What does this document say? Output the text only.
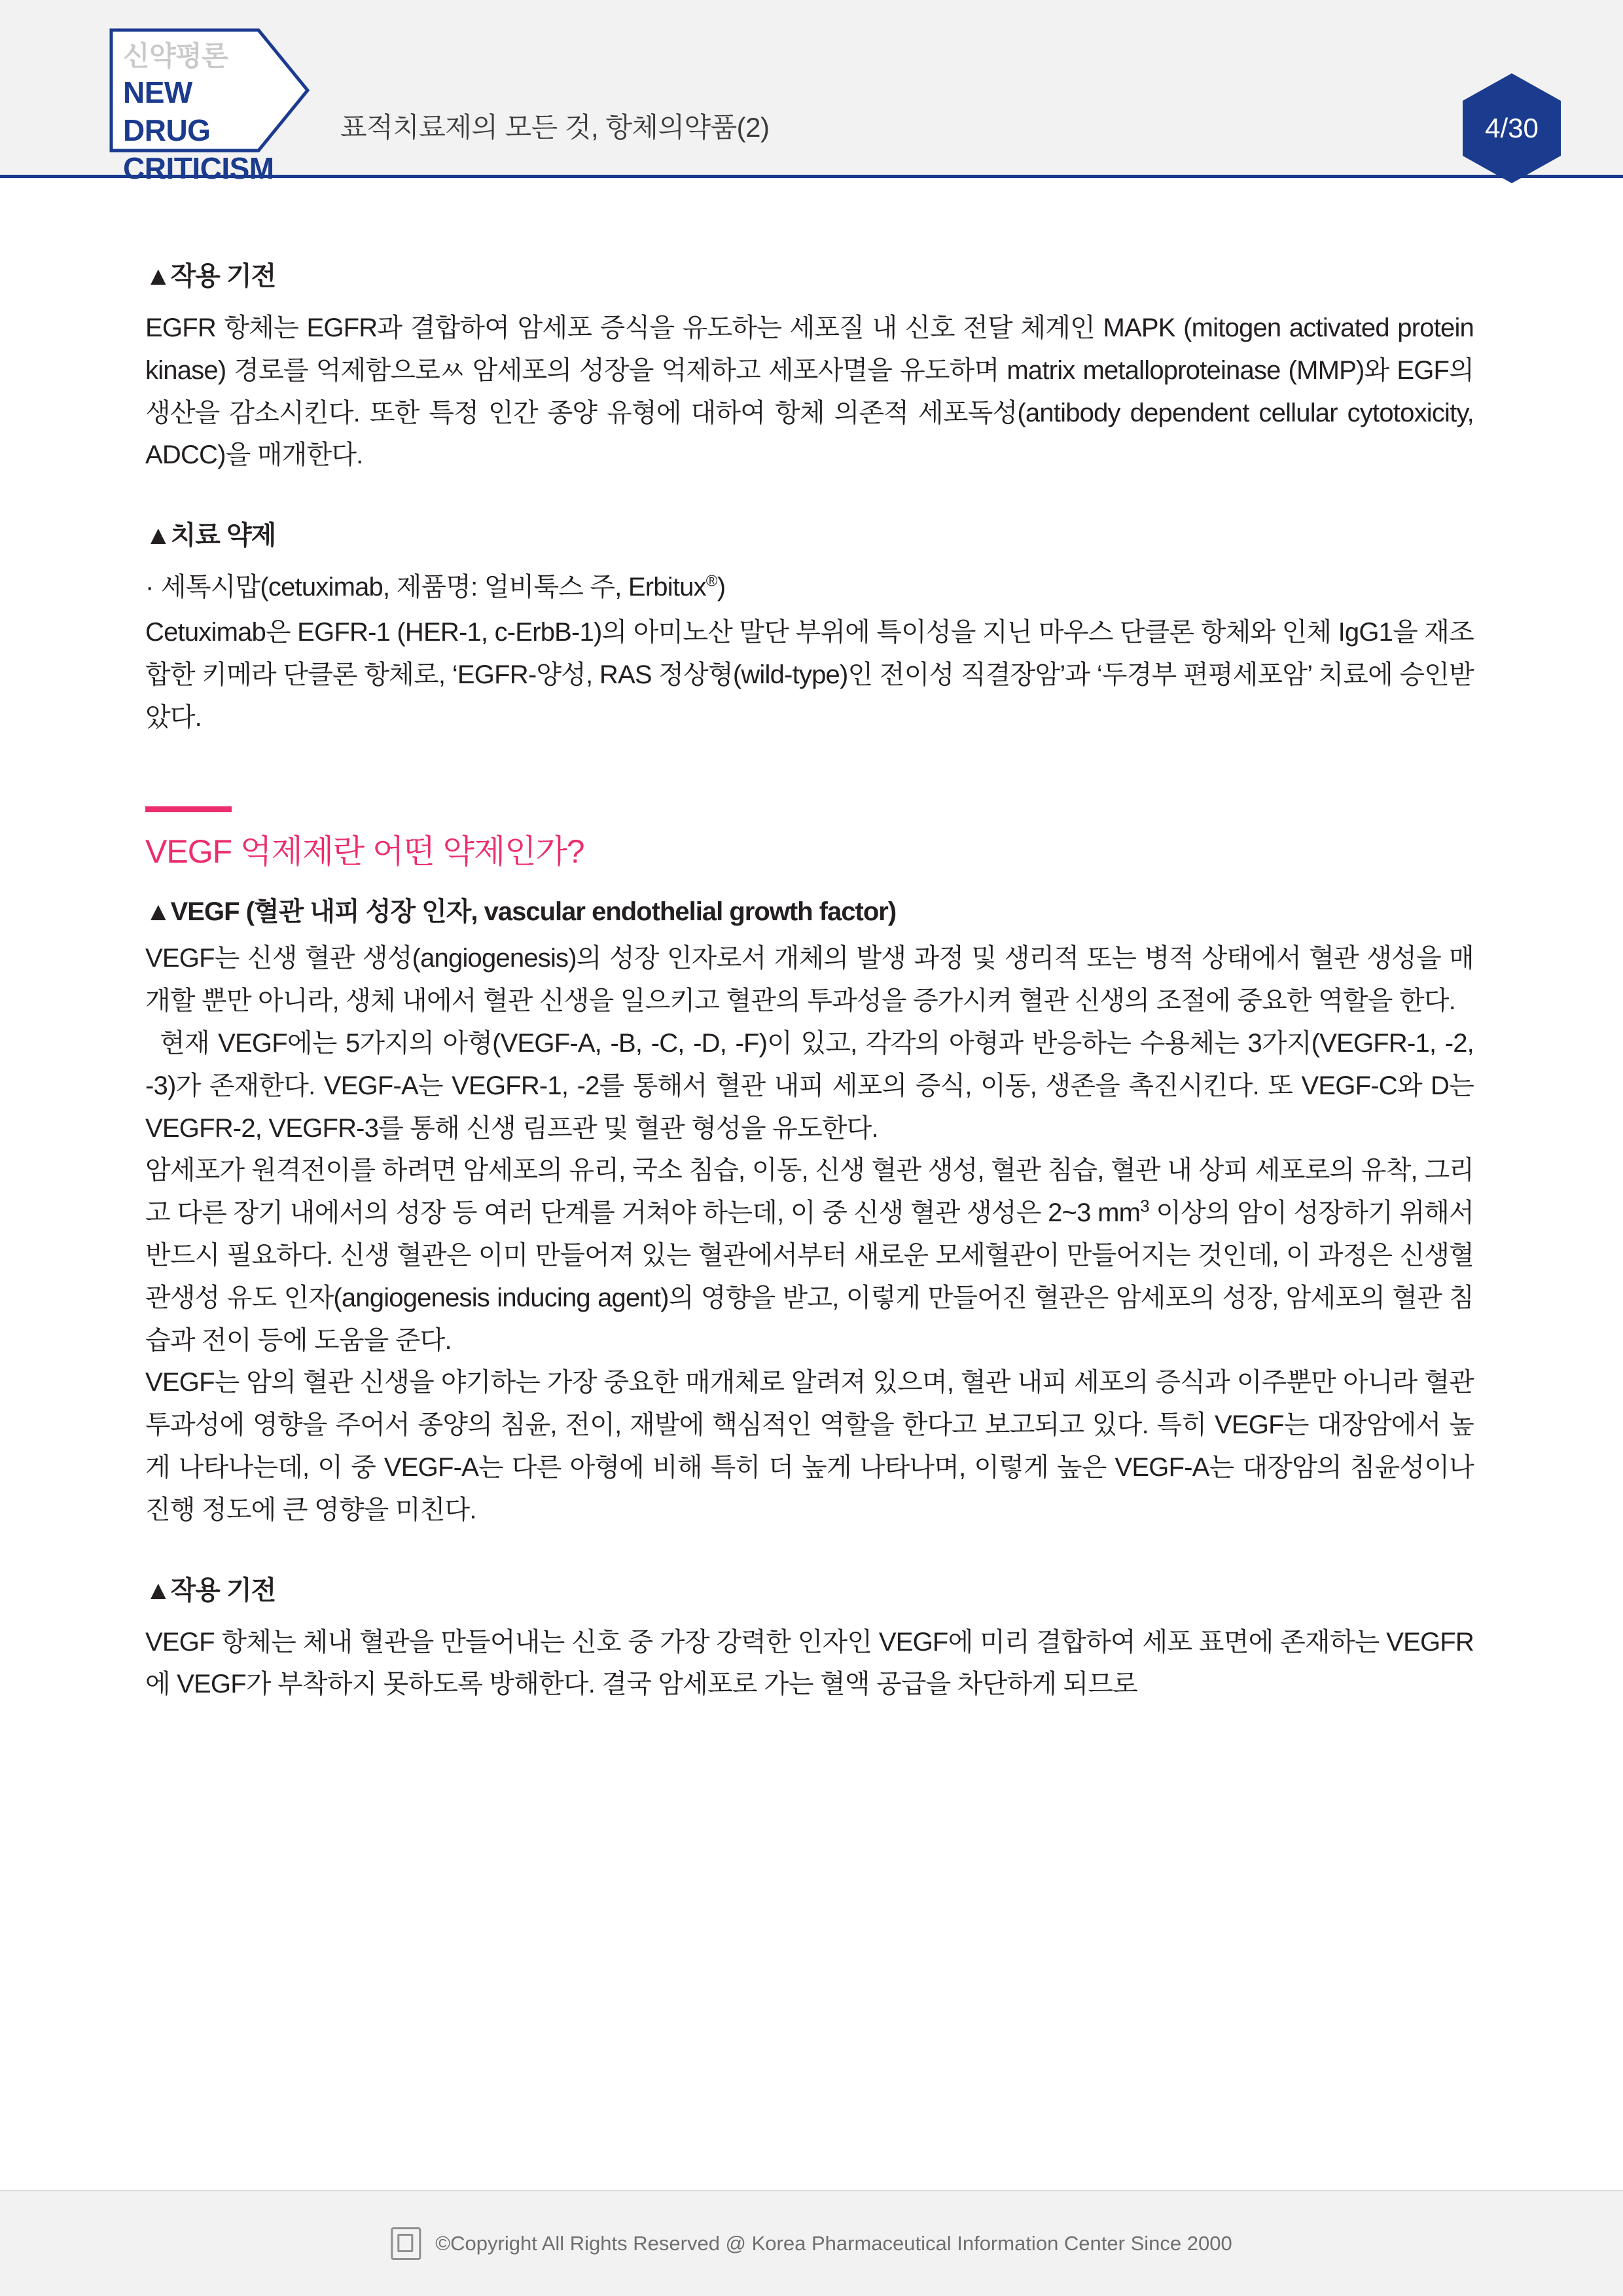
신약평론
NEW DRUG
CRITICISM
표적치료제의 모든 것, 항체의약품(2)	4/30
▲작용 기전

EGFR 항체는 EGFR과 결합하여 암세포 증식을 유도하는 세포질 내 신호 전달 체계인 MAPK (mitogen activated protein kinase) 경로를 억제함으로ㅆ 암세포의 성장을 억제하고 세포사멸을 유도하며 matrix metalloproteinase (MMP)와 EGF의 생산을 감소시킨다. 또한 특정 인간 종양 유형에 대하여 항체 의존적 세포독성(antibody dependent cellular cytotoxicity, ADCC)을 매개한다.

▲치료 약제

· 세톡시맙(cetuximab, 제품명: 얼비툭스 주, Erbitux®)

Cetuximab은 EGFR-1 (HER-1, c-ErbB-1)의 아미노산 말단 부위에 특이성을 지닌 마우스 단클론 항체와 인체 IgG1을 재조합한 키메라 단클론 항체로, ‘EGFR-양성, RAS 정상형(wild-type)인 전이성 직결장암’과 ‘두경부 편평세포암’ 치료에 승인받았다.

VEGF 억제제란 어떤 약제인가?
▲VEGF (혈관 내피 성장 인자, vascular endothelial growth factor)

VEGF는 신생 혈관 생성(angiogenesis)의 성장 인자로서 개체의 발생 과정 및 생리적 또는 병적 상태에서 혈관 생성을 매개할 뿐만 아니라, 생체 내에서 혈관 신생을 일으키고 혈관의 투과성을 증가시켜 혈관 신생의 조절에 중요한 역할을 한다.

현재 VEGF에는 5가지의 아형(VEGF-A, -B, -C, -D, -F)이 있고, 각각의 아형과 반응하는 수용체는 3가지(VEGFR-1, -2, -3)가 존재한다. VEGF-A는 VEGFR-1, -2를 통해서 혈관 내피 세포의 증식, 이동, 생존을 촉진시킨다. 또 VEGF-C와 D는 VEGFR-2, VEGFR-3를 통해 신생 림프관 및 혈관 형성을 유도한다.

암세포가 원격전이를 하려면 암세포의 유리, 국소 침습, 이동, 신생 혈관 생성, 혈관 침습, 혈관 내 상피 세포로의 유착, 그리고 다른 장기 내에서의 성장 등 여러 단계를 거쳐야 하는데, 이 중 신생 혈관 생성은 2~3 $mm^3$ 이상의 암이 성장하기 위해서 반드시 필요하다. 신생 혈관은 이미 만들어져 있는 혈관에서부터 새로운 모세혈관이 만들어지는 것인데, 이 과정은 신생혈관생성 유도 인자(angiogenesis inducing agent)의 영향을 받고, 이렇게 만들어진 혈관은 암세포의 성장, 암세포의 혈관 침습과 전이 등에 도움을 준다.

VEGF는 암의 혈관 신생을 야기하는 가장 중요한 매개체로 알려져 있으며, 혈관 내피 세포의 증식과 이주뿐만 아니라 혈관 투과성에 영향을 주어서 종양의 침윤, 전이, 재발에 핵심적인 역할을 한다고 보고되고 있다. 특히 VEGF는 대장암에서 높게 나타나는데, 이 중 VEGF-A는 다른 아형에 비해 특히 더 높게 나타나며, 이렇게 높은 VEGF-A는 대장암의 침윤성이나 진행 정도에 큰 영향을 미친다.

▲작용 기전

VEGF 항체는 체내 혈관을 만들어내는 신호 중 가장 강력한 인자인 VEGF에 미리 결합하여 세포 표면에 존재하는 VEGFR에 VEGF가 부착하지 못하도록 방해한다. 결국 암세포로 가는 혈액 공급을 차단하게 되므로

©Copyright All Rights Reserved @ Korea Pharmaceutical Information Center Since 2000
